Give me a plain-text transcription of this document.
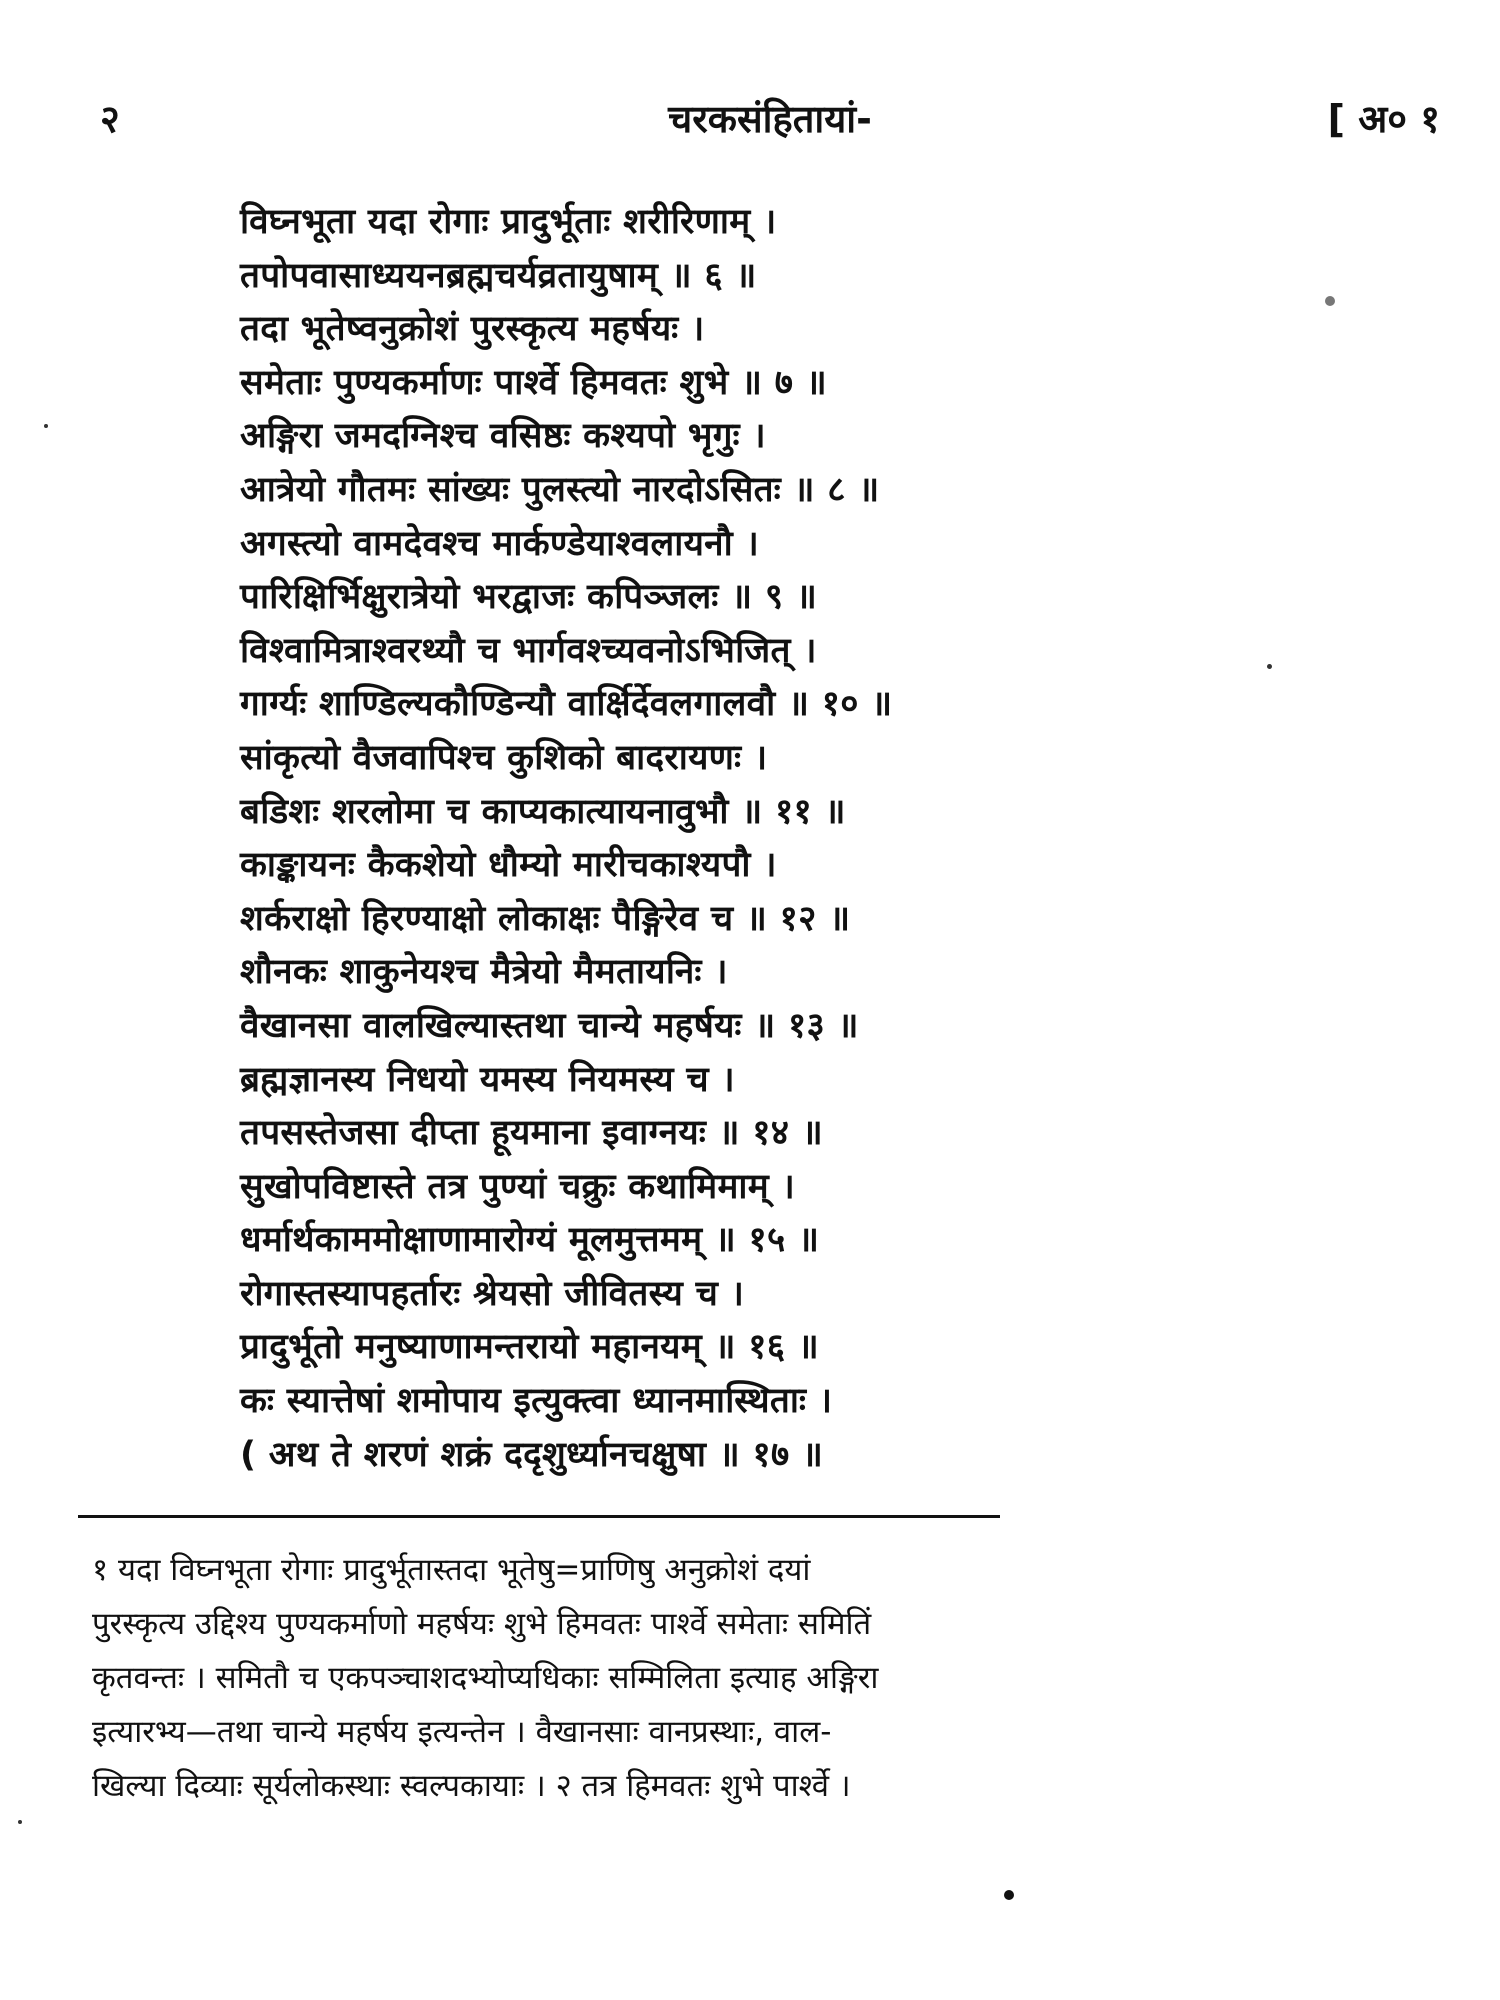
२	चरकसंहितायां-	[ अ० १
विघ्नभूता यदा रोगाः प्रादुर्भूताः शरीरिणाम् ।
तपोपवासाध्ययनब्रह्मचर्यव्रतायुषाम् ॥ ६ ॥
तदा भूतेष्वनुक्रोशं पुरस्कृत्य महर्षयः ।
समेताः पुण्यकर्माणः पार्श्वे हिमवतः शुभे ॥ ७ ॥
अङ्गिरा जमदग्निश्च वसिष्ठः कश्यपो भृगुः ।
आत्रेयो गौतमः सांख्यः पुलस्त्यो नारदोऽसितः ॥ ८ ॥
अगस्त्यो वामदेवश्च मार्कण्डेयाश्वलायनौ ।
पारिक्षिर्भिक्षुरात्रेयो भरद्वाजः कपिञ्जलः ॥ ९ ॥
विश्वामित्राश्वरथ्यौ च भार्गवश्च्यवनोऽभिजित् ।
गार्ग्यः शाण्डिल्यकौण्डिन्यौ वार्क्षिर्देवलगालवौ ॥ १० ॥
सांकृत्यो वैजवापिश्च कुशिको बादरायणः ।
बडिशः शरलोमा च काप्यकात्यायनावुभौ ॥ ११ ॥
काङ्कायनः कैकशेयो धौम्यो मारीचकाश्यपौ ।
शर्कराक्षो हिरण्याक्षो लोकाक्षः पैङ्गिरेव च ॥ १२ ॥
शौनकः शाकुनेयश्च मैत्रेयो मैमतायनिः ।
वैखानसा वालखिल्यास्तथा चान्ये महर्षयः ॥ १३ ॥
ब्रह्मज्ञानस्य निधयो यमस्य नियमस्य च ।
तपसस्तेजसा दीप्ता हूयमाना इवाग्नयः ॥ १४ ॥
सुखोपविष्टास्ते तत्र पुण्यां चक्रुः कथामिमाम् ।
धर्मार्थकाममोक्षाणामारोग्यं मूलमुत्तमम् ॥ १५ ॥
रोगास्तस्यापहर्तारः श्रेयसो जीवितस्य च ।
प्रादुर्भूतो मनुष्याणामन्तरायो महानयम् ॥ १६ ॥
कः स्यात्तेषां शमोपाय इत्युक्त्वा ध्यानमास्थिताः ।
( अथ ते शरणं शक्रं ददृशुर्ध्यानचक्षुषा ॥ १७ ॥
१ यदा विघ्नभूता रोगाः प्रादुर्भूतास्तदा भूतेषु=प्राणिषु अनुक्रोशं दयां
पुरस्कृत्य उद्दिश्य पुण्यकर्माणो महर्षयः शुभे हिमवतः पार्श्वे समेताः समितिं
कृतवन्तः । समितौ च एकपञ्चाशदभ्योप्यधिकाः सम्मिलिता इत्याह अङ्गिरा
इत्यारभ्य—तथा चान्ये महर्षय इत्यन्तेन । वैखानसाः वानप्रस्थाः, वाल-
खिल्या दिव्याः सूर्यलोकस्थाः स्वल्पकायाः । २ तत्र हिमवतः शुभे पार्श्वे ।
